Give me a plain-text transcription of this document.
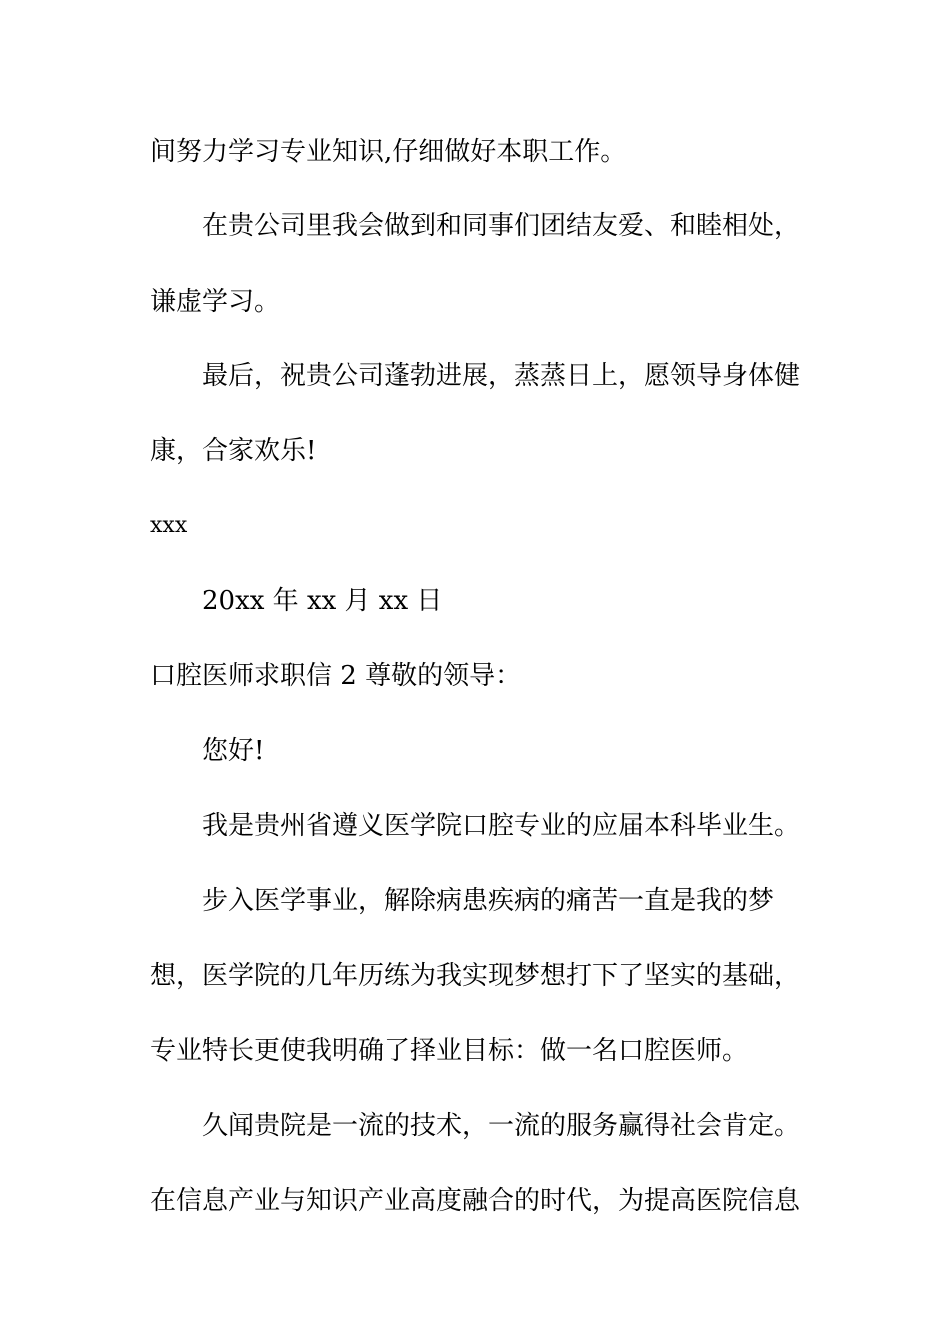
间努力学习专业知识,仔细做好本职工作。
在贵公司里我会做到和同事们团结友爱、和睦相处，
谦虚学习。
最后，祝贵公司蓬勃进展，蒸蒸日上，愿领导身体健
康，合家欢乐!
xxx
20xx 年 xx 月 xx 日
口腔医师求职信 2 尊敬的领导：
您好!
我是贵州省遵义医学院口腔专业的应届本科毕业生。
步入医学事业，解除病患疾病的痛苦一直是我的梦
想，医学院的几年历练为我实现梦想打下了坚实的基础，
专业特长更使我明确了择业目标：做一名口腔医师。
久闻贵院是一流的技术，一流的服务赢得社会肯定。
在信息产业与知识产业高度融合的时代，为提高医院信息
